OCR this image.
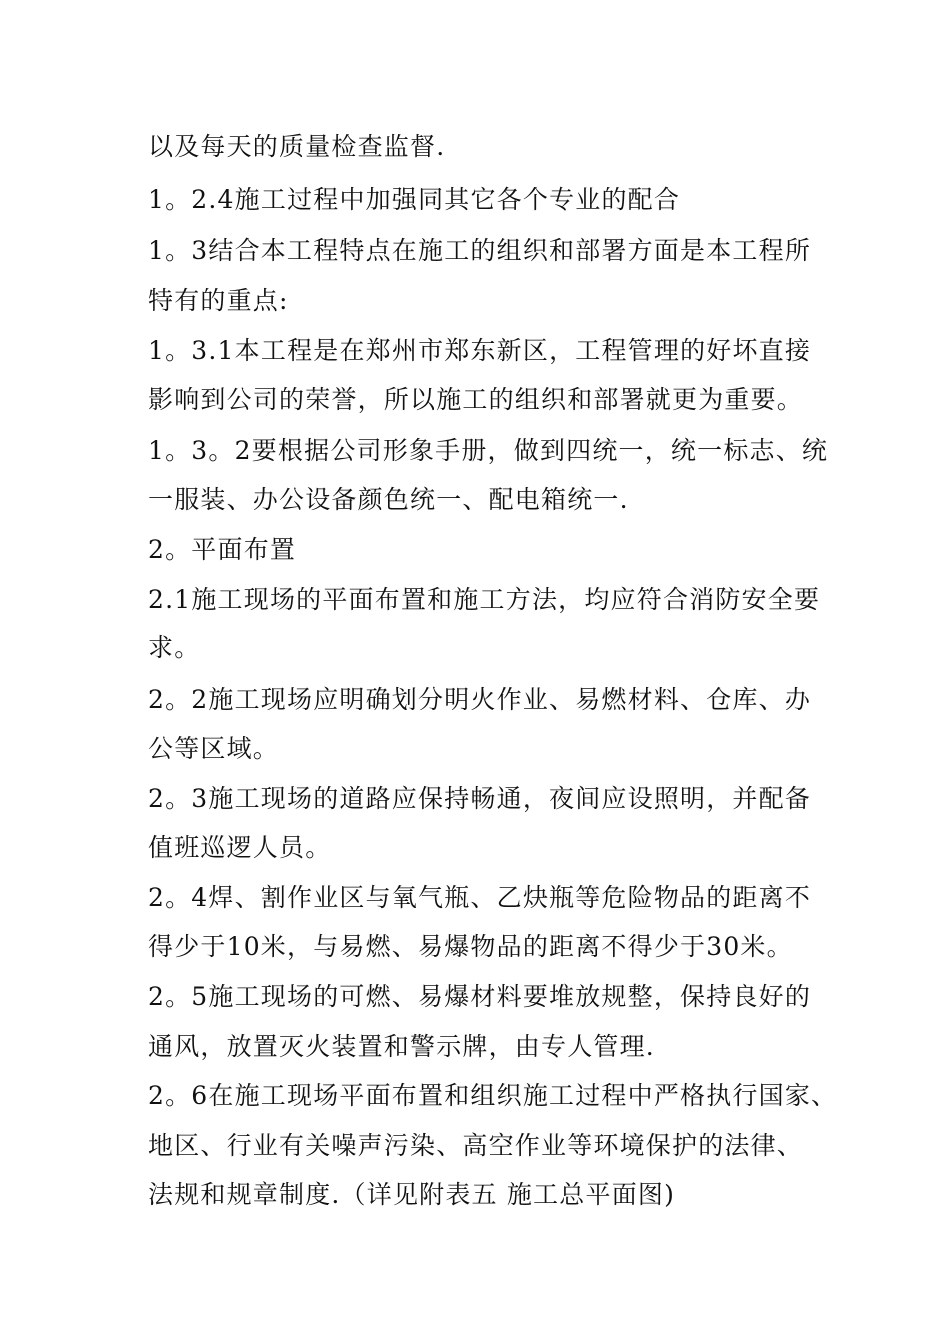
以及每天的质量检查监督.

1。2.4施工过程中加强同其它各个专业的配合

1。3结合本工程特点在施工的组织和部署方面是本工程所

特有的重点:

1。3.1本工程是在郑州市郑东新区，工程管理的好坏直接

影响到公司的荣誉，所以施工的组织和部署就更为重要。

1。3。2要根据公司形象手册，做到四统一，统一标志、统

一服装、办公设备颜色统一、配电箱统一.

2。平面布置

2.1施工现场的平面布置和施工方法，均应符合消防安全要

求。

2。2施工现场应明确划分明火作业、易燃材料、仓库、办

公等区域。

2。3施工现场的道路应保持畅通，夜间应设照明，并配备

值班巡逻人员。

2。4焊、割作业区与氧气瓶、乙炔瓶等危险物品的距离不

得少于10米，与易燃、易爆物品的距离不得少于30米。

2。5施工现场的可燃、易爆材料要堆放规整，保持良好的

通风，放置灭火装置和警示牌，由专人管理.

2。6在施工现场平面布置和组织施工过程中严格执行国家、

地区、行业有关噪声污染、高空作业等环境保护的法律、

法规和规章制度.（详见附表五 施工总平面图)
